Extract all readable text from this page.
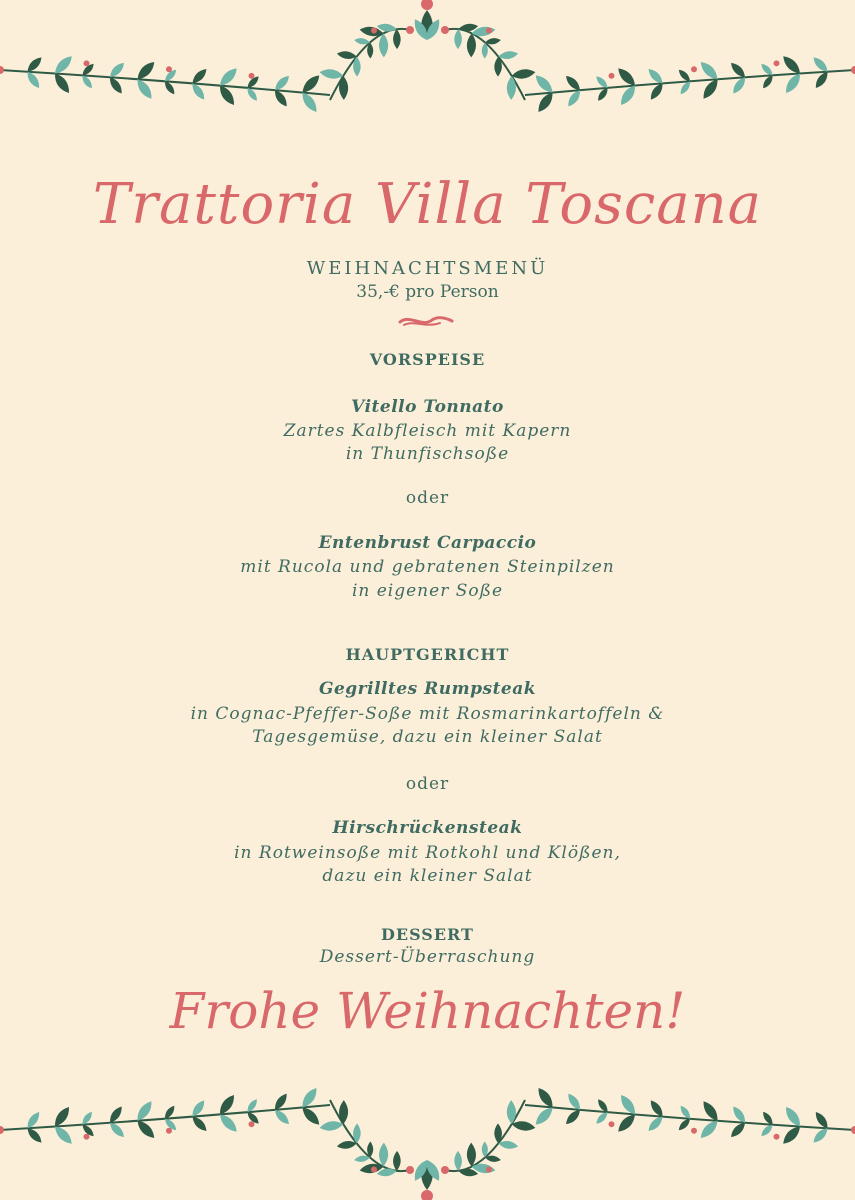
Trattoria Villa Toscana
WEIHNACHTSMENÜ
35,-€ pro Person
VORSPEISE
Vitello Tonnato
Zartes Kalbfleisch mit Kapern
in Thunfischsoße
oder
Entenbrust Carpaccio
mit Rucola und gebratenen Steinpilzen
in eigener Soße
HAUPTGERICHT
Gegrilltes Rumpsteak
in Cognac-Pfeffer-Soße mit Rosmarinkartoffeln &
Tagesgemüse, dazu ein kleiner Salat
oder
Hirschrückensteak
in Rotweinsoße mit Rotkohl und Klößen,
dazu ein kleiner Salat
DESSERT
Dessert-Überraschung
Frohe Weihnachten!
